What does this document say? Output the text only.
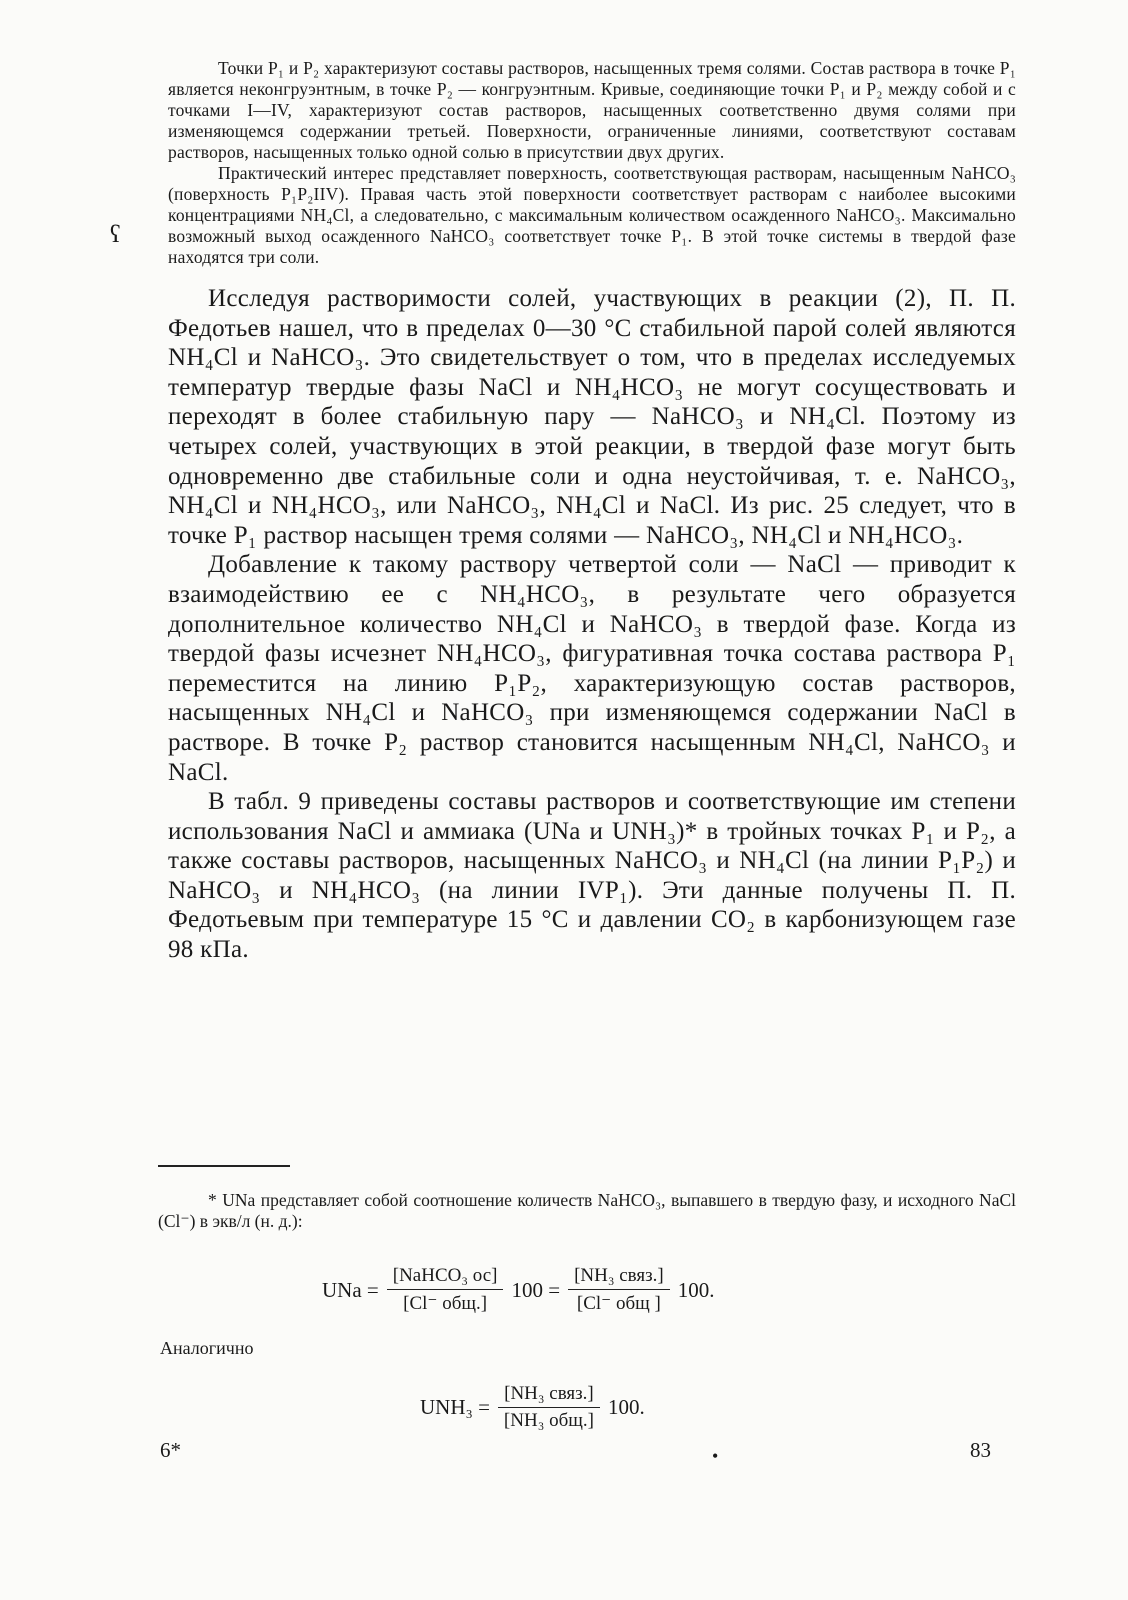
ʕ

Точки P₁ и P₂ характеризуют составы растворов, насыщенных тремя солями. Состав раствора в точке P₁ является неконгруэнтным, в точке P₂ — конгруэнтным. Кривые, соединяющие точки P₁ и P₂ между собой и с точками I—IV, характеризуют состав растворов, насыщенных соответственно двумя солями при изменяющемся содержании третьей. Поверхности, ограниченные линиями, соответствуют составам растворов, насыщенных только одной солью в присутствии двух других.

Практический интерес представляет поверхность, соответствующая растворам, насыщенным NaHCO₃ (поверхность P₁P₂IIV). Правая часть этой поверхности соответствует растворам с наиболее высокими концентрациями NH₄Cl, а следовательно, с максимальным количеством осажденного NaHCO₃. Максимально возможный выход осажденного NaHCO₃ соответствует точке P₁. В этой точке системы в твердой фазе находятся три соли.

Исследуя растворимости солей, участвующих в реакции (2), П. П. Федотьев нашел, что в пределах 0—30 °С стабильной парой солей являются NH₄Cl и NaHCO₃. Это свидетельствует о том, что в пределах исследуемых температур твердые фазы NaCl и NH₄HCO₃ не могут сосуществовать и переходят в более стабильную пару — NaHCO₃ и NH₄Cl. Поэтому из четырех солей, участвующих в этой реакции, в твердой фазе могут быть одновременно две стабильные соли и одна неустойчивая, т. е. NaHCO₃, NH₄Cl и NH₄HCO₃, или NaHCO₃, NH₄Cl и NaCl. Из рис. 25 следует, что в точке P₁ раствор насыщен тремя солями — NaHCO₃, NH₄Cl и NH₄HCO₃.

Добавление к такому раствору четвертой соли — NaCl — приводит к взаимодействию ее с NH₄HCO₃, в результате чего образуется дополнительное количество NH₄Cl и NaHCO₃ в твердой фазе. Когда из твердой фазы исчезнет NH₄HCO₃, фигуративная точка состава раствора P₁ переместится на линию P₁P₂, характеризующую состав растворов, насыщенных NH₄Cl и NaHCO₃ при изменяющемся содержании NaCl в растворе. В точке P₂ раствор становится насыщенным NH₄Cl, NaHCO₃ и NaCl.

В табл. 9 приведены составы растворов и соответствующие им степени использования NaCl и аммиака (UNa и UNH₃)* в тройных точках P₁ и P₂, а также составы растворов, насыщенных NaHCO₃ и NH₄Cl (на линии P₁P₂) и NaHCO₃ и NH₄HCO₃ (на линии IVP₁). Эти данные получены П. П. Федотьевым при температуре 15 °С и давлении CO₂ в карбонизующем газе 98 кПа.

* UNa представляет собой соотношение количеств NaHCO₃, выпавшего в твердую фазу, и исходного NaCl (Cl⁻) в экв/л (н. д.):

UNa = $\frac{\text{[NaHCO₃ ос]}}{\text{[Cl⁻ общ.]}} 100 = \frac{\text{[NH₃ связ.]}}{\text{[Cl⁻ общ ]}} 100$.
Аналогично
$UNH_3 = \frac{\text{[NH₃ связ.]}}{\text{[NH₃ общ.]}} 100$.
6*	•	83
